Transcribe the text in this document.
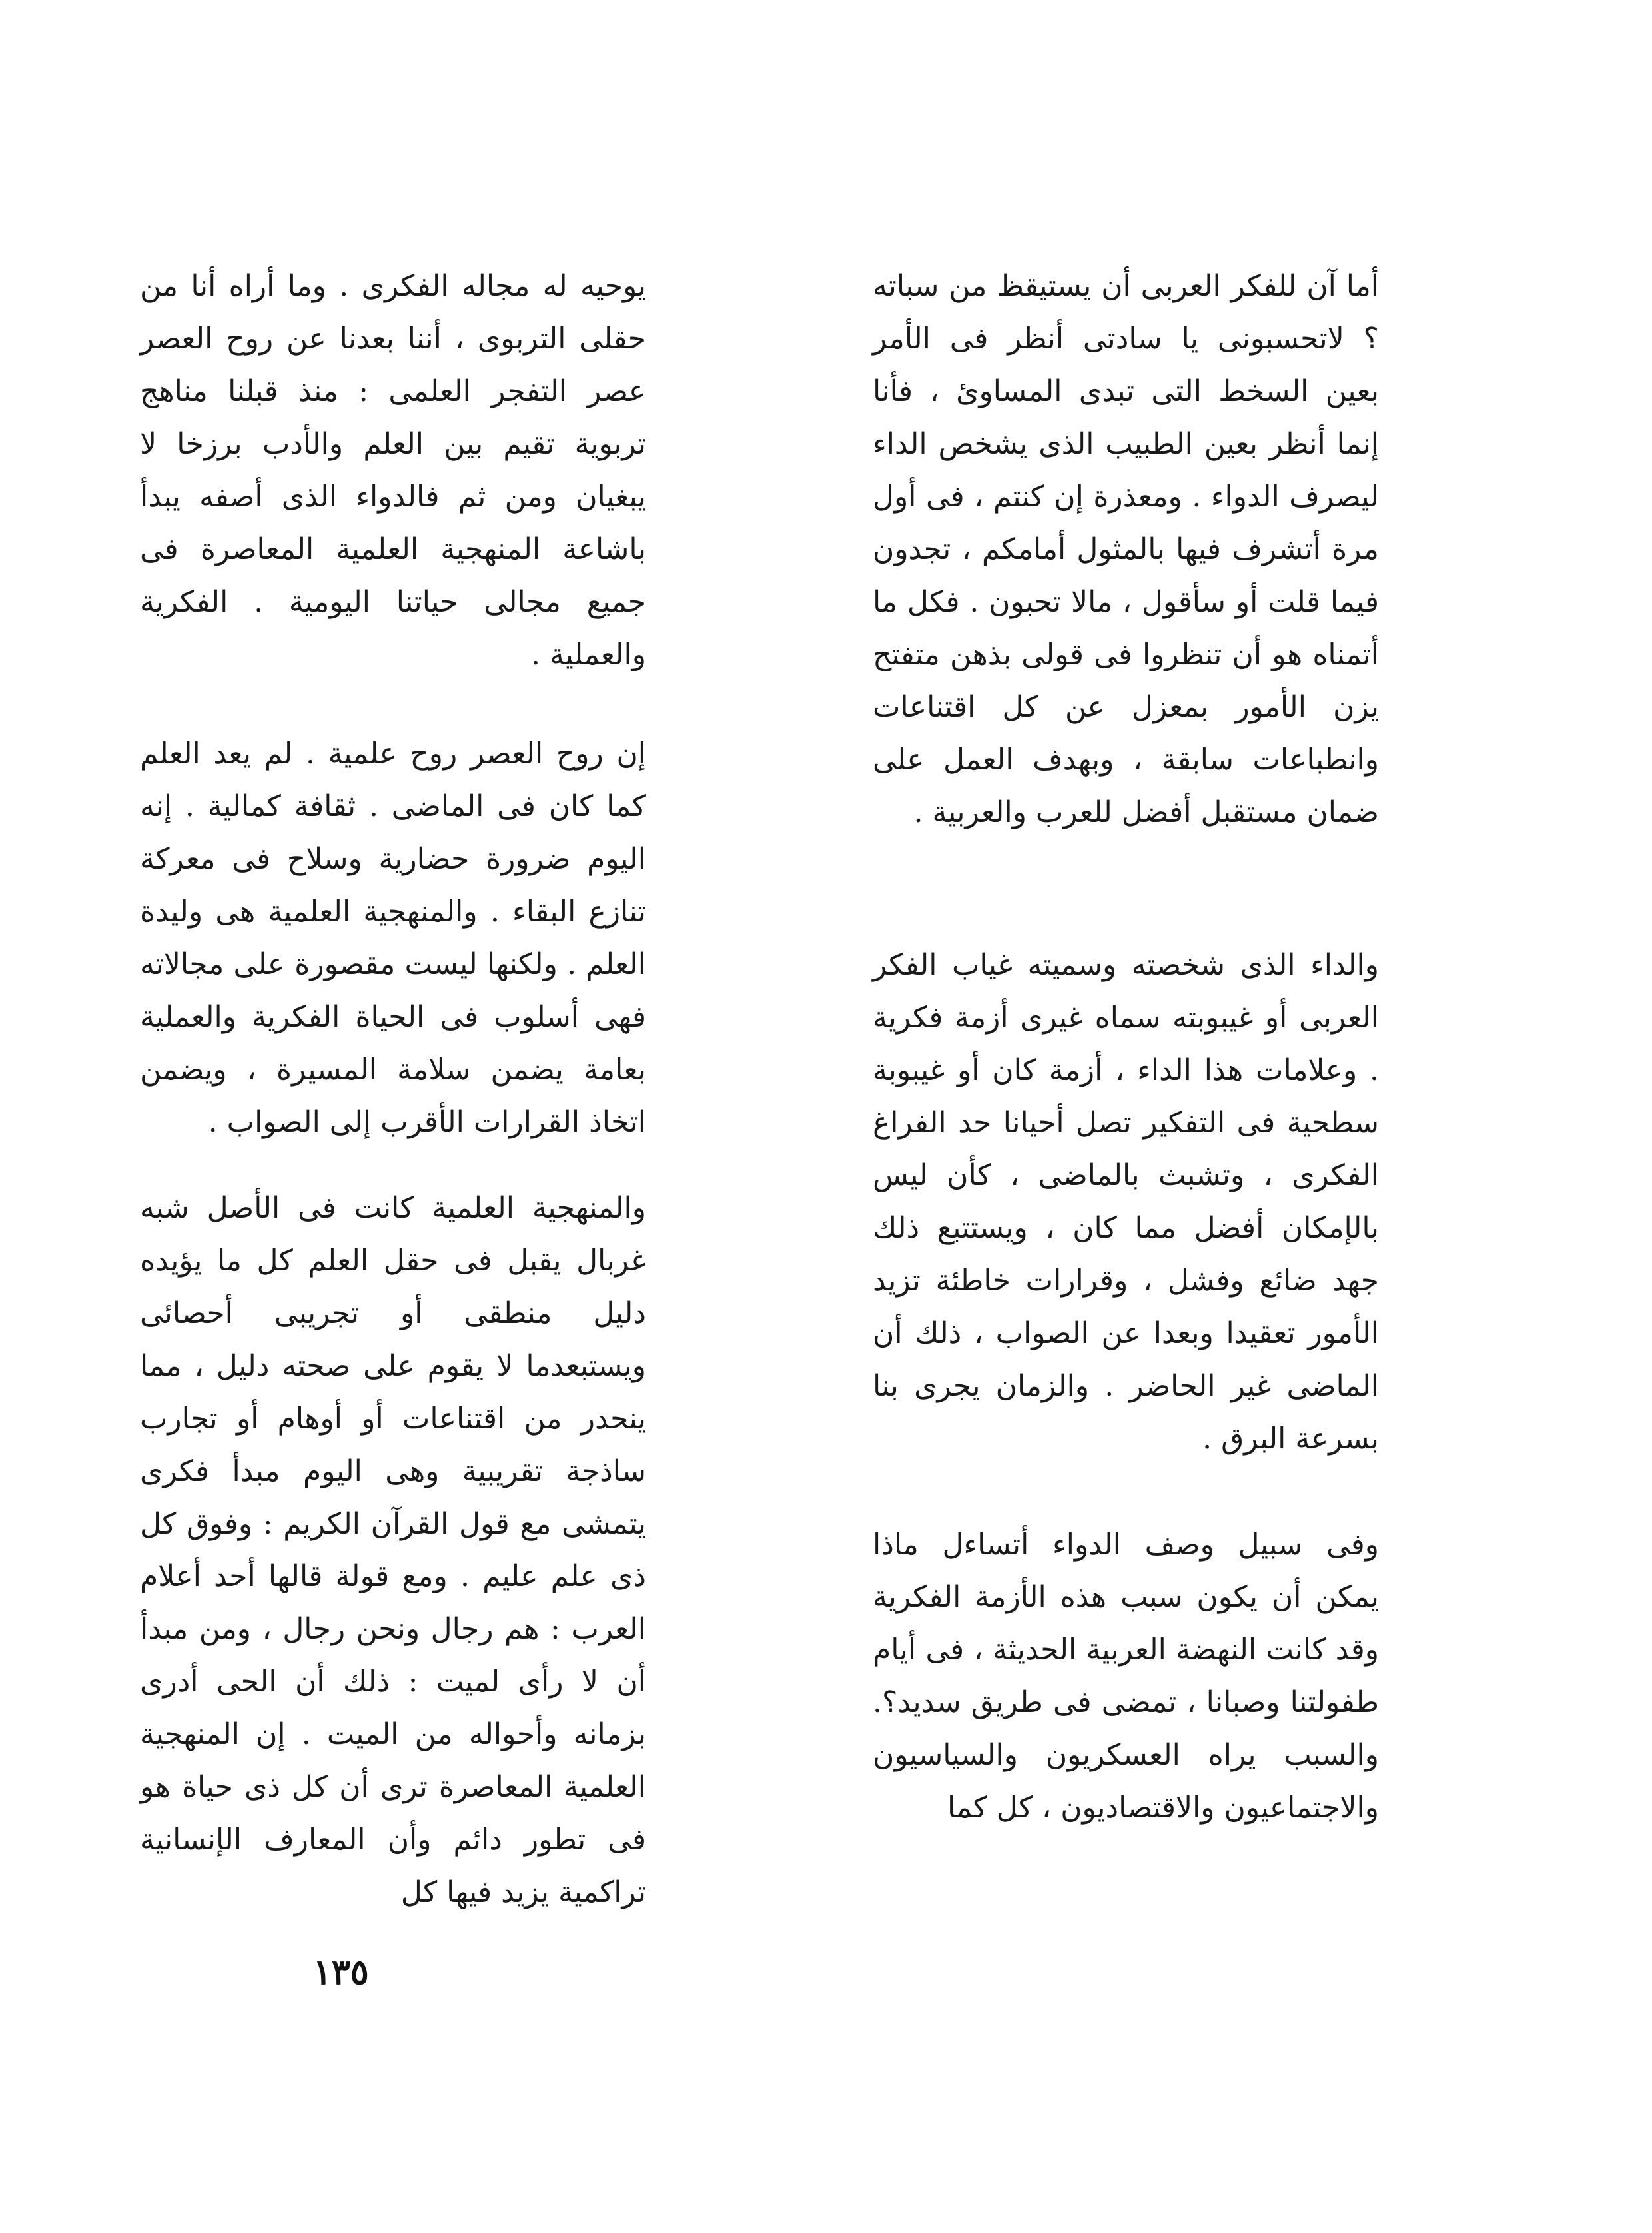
أما آن للفكر العربى أن يستيقظ من سباته ؟ لاتحسبونى يا سادتى أنظر فى الأمر بعين السخط التى تبدى المساوئ ، فأنا إنما أنظر بعين الطبيب الذى يشخص الداء ليصرف الدواء . ومعذرة إن كنتم ، فى أول مرة أتشرف فيها بالمثول أمامكم ، تجدون فيما قلت أو سأقول ، مالا تحبون . فكل ما أتمناه هو أن تنظروا فى قولى بذهن متفتح يزن الأمور بمعزل عن كل اقتناعات وانطباعات سابقة ، وبهدف العمل على ضمان مستقبل أفضل للعرب والعربية .

والداء الذى شخصته وسميته غياب الفكر العربى أو غيبوبته سماه غيرى أزمة فكرية . وعلامات هذا الداء ، أزمة كان أو غيبوبة سطحية فى التفكير تصل أحيانا حد الفراغ الفكرى ، وتشبث بالماضى ، كأن ليس بالإمكان أفضل مما كان ، ويستتبع ذلك جهد ضائع وفشل ، وقرارات خاطئة تزيد الأمور تعقيدا وبعدا عن الصواب ، ذلك أن الماضى غير الحاضر . والزمان يجرى بنا بسرعة البرق .

وفى سبيل وصف الدواء أتساءل ماذا يمكن أن يكون سبب هذه الأزمة الفكرية وقد كانت النهضة العربية الحديثة ، فى أيام طفولتنا وصبانا ، تمضى فى طريق سديد؟. والسبب يراه العسكريون والسياسيون والاجتماعيون والاقتصاديون ، كل كما

يوحيه له مجاله الفكرى . وما أراه أنا من حقلى التربوى ، أننا بعدنا عن روح العصر عصر التفجر العلمى : منذ قبلنا مناهج تربوية تقيم بين العلم والأدب برزخا لا يبغيان ومن ثم فالدواء الذى أصفه يبدأ باشاعة المنهجية العلمية المعاصرة فى جميع مجالى حياتنا اليومية . الفكرية والعملية .

إن روح العصر روح علمية . لم يعد العلم كما كان فى الماضى . ثقافة كمالية . إنه اليوم ضرورة حضارية وسلاح فى معركة تنازع البقاء . والمنهجية العلمية هى وليدة العلم . ولكنها ليست مقصورة على مجالاته فهى أسلوب فى الحياة الفكرية والعملية بعامة يضمن سلامة المسيرة ، ويضمن اتخاذ القرارات الأقرب إلى الصواب .

والمنهجية العلمية كانت فى الأصل شبه غربال يقبل فى حقل العلم كل ما يؤيده دليل منطقى أو تجريبى أحصائى ويستبعدما لا يقوم على صحته دليل ، مما ينحدر من اقتناعات أو أوهام أو تجارب ساذجة تقريبية وهى اليوم مبدأ فكرى يتمشى مع قول القرآن الكريم : وفوق كل ذى علم عليم . ومع قولة قالها أحد أعلام العرب : هم رجال ونحن رجال ، ومن مبدأ أن لا رأى لميت : ذلك أن الحى أدرى بزمانه وأحواله من الميت . إن المنهجية العلمية المعاصرة ترى أن كل ذى حياة هو فى تطور دائم وأن المعارف الإنسانية تراكمية يزيد فيها كل

١٣٥
